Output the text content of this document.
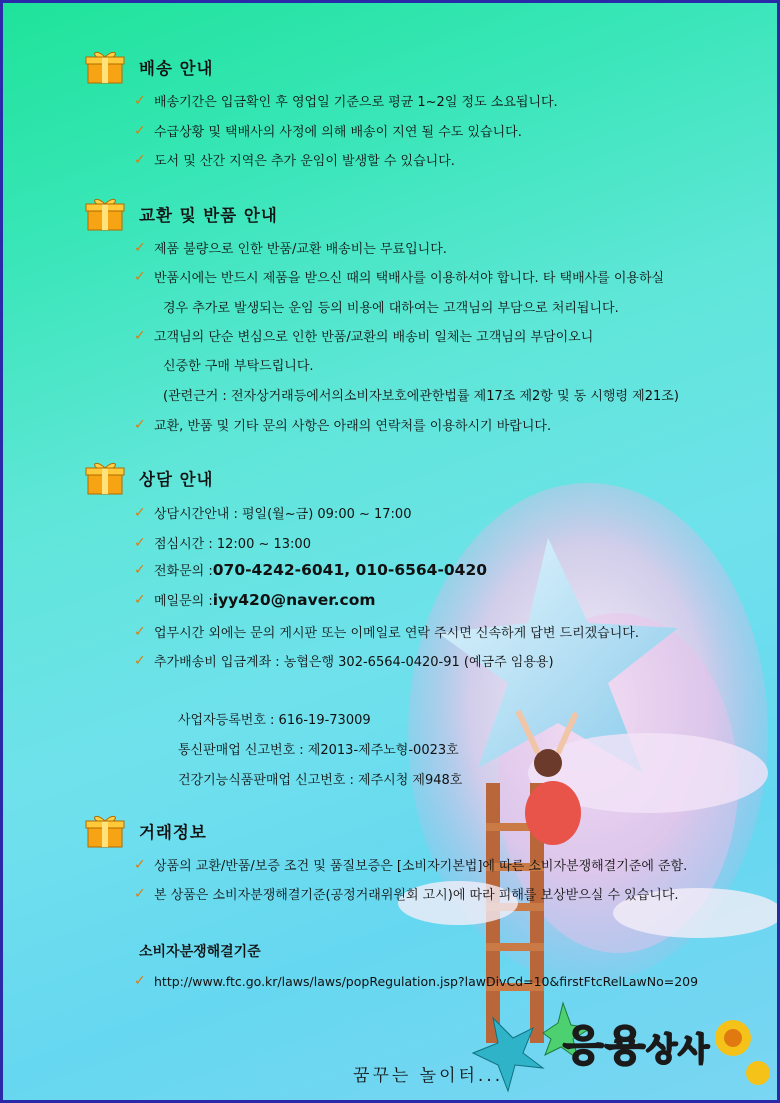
배송 안내
✓ 배송기간은 입금확인 후 영업일 기준으로 평균 1~2일 정도 소요됩니다.
✓ 수급상황 및 택배사의 사정에 의해 배송이 지연 될 수도 있습니다.
✓ 도서 및 산간 지역은 추가 운임이 발생할 수 있습니다.
교환 및 반품 안내
✓ 제품 불량으로 인한 반품/교환 배송비는 무료입니다.
✓ 반품시에는 반드시 제품을 받으신 때의 택배사를 이용하셔야 합니다. 타 택배사를 이용하실
경우 추가로 발생되는 운임 등의 비용에 대하여는 고객님의 부담으로 처리됩니다.
✓ 고객님의 단순 변심으로 인한 반품/교환의 배송비 일체는 고객님의 부담이오니
신중한 구매 부탁드립니다.
(관련근거 : 전자상거래등에서의소비자보호에관한법률 제17조 제2항 및 동 시행령 제21조)
✓ 교환, 반품 및 기타 문의 사항은 아래의 연락처를 이용하시기 바랍니다.
상담 안내
✓ 상담시간안내 : 평일(월~금) 09:00 ~ 17:00
✓ 점심시간 : 12:00 ~ 13:00
✓ 전화문의 : 070-4242-6041, 010-6564-0420
✓ 메일문의 : iyy420@naver.com
✓ 업무시간 외에는 문의 게시판 또는 이메일로 연락 주시면 신속하게 답변 드리겠습니다.
✓ 추가배송비 입금계좌 : 농협은행 302-6564-0420-91 (예금주 임용용)
사업자등록번호 : 616-19-73009
통신판매업 신고번호 : 제2013-제주노형-0023호
건강기능식품판매업 신고번호 : 제주시청 제948호
거래정보
✓ 상품의 교환/반품/보증 조건 및 품질보증은 [소비자기본법]에 따른 소비자분쟁해결기준에 준함.
✓ 본 상품은 소비자분쟁해결기준(공정거래위원회 고시)에 따라 피해를 보상받으실 수 있습니다.
소비자분쟁해결기준
✓ http://www.ftc.go.kr/laws/laws/popRegulation.jsp?lawDivCd=10&firstFtcRelLawNo=209
꿈꾸는 놀이터...
응용상사
